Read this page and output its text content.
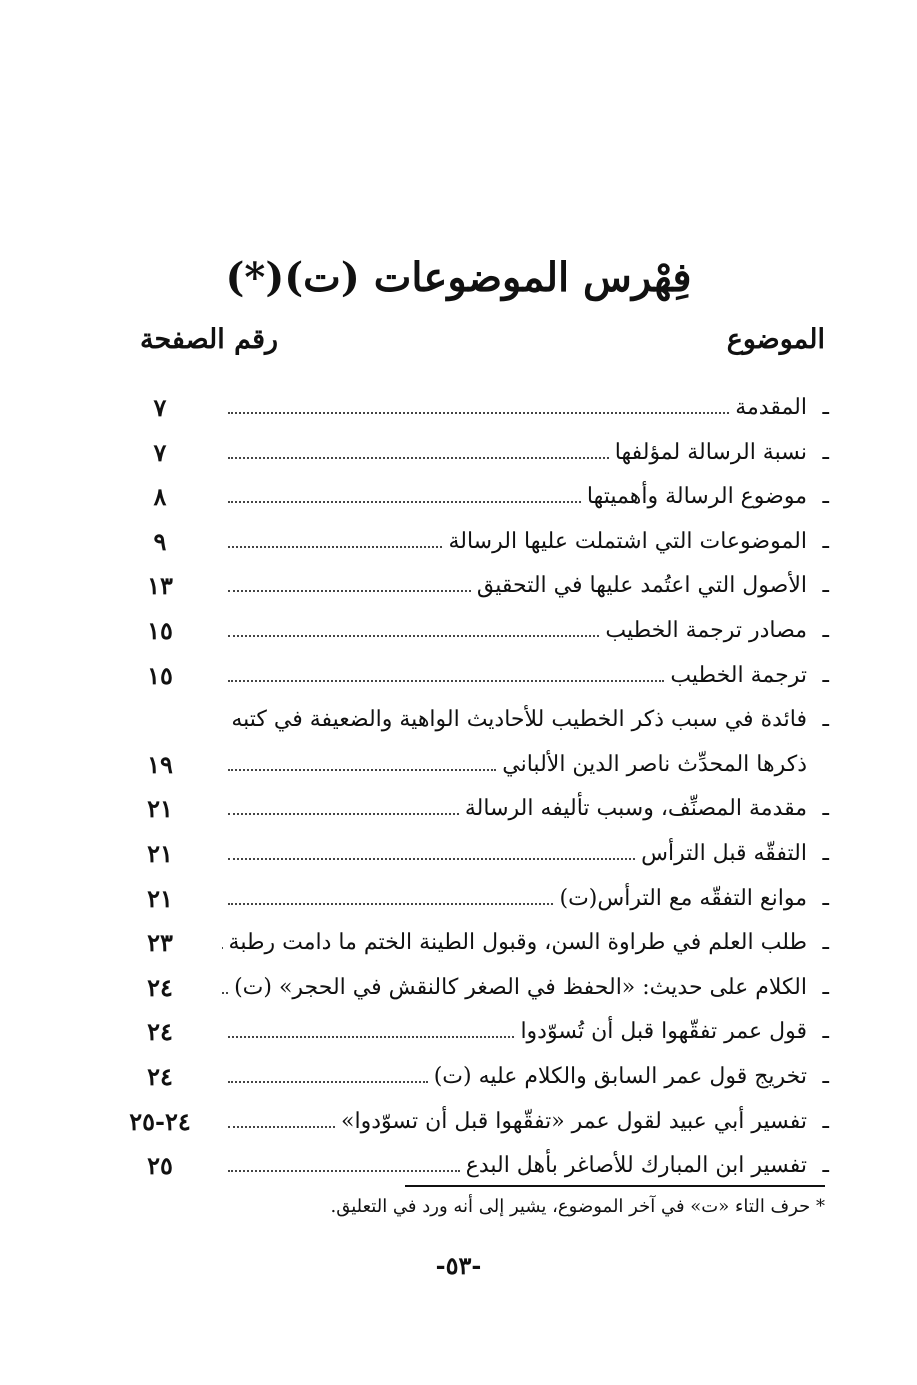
فِهْرس الموضوعات (ت)(*)
الموضوع
رقم الصفحة
ـ
المقدمة
٧
ـ
نسبة الرسالة لمؤلفها
٧
ـ
موضوع الرسالة وأهميتها
٨
ـ
الموضوعات التي اشتملت عليها الرسالة
٩
ـ
الأصول التي اعتُمد عليها في التحقيق
١٣
ـ
مصادر ترجمة الخطيب
١٥
ـ
ترجمة الخطيب
١٥
ـ
فائدة في سبب ذكر الخطيب للأحاديث الواهية والضعيفة في كتبه
ذكرها المحدِّث ناصر الدين الألباني
١٩
ـ
مقدمة المصنِّف، وسبب تأليفه الرسالة
٢١
ـ
التفقّه قبل الترأس
٢١
ـ
موانع التفقّه مع الترأس(ت)
٢١
ـ
طلب العلم في طراوة السن، وقبول الطينة الختم ما دامت رطبة
٢٣
ـ
الكلام على حديث: «الحفظ في الصغر كالنقش في الحجر» (ت)
٢٤
ـ
قول عمر تفقّهوا قبل أن تُسوّدوا
٢٤
ـ
تخريج قول عمر السابق والكلام عليه (ت)
٢٤
ـ
تفسير أبي عبيد لقول عمر «تفقّهوا قبل أن تسوّدوا»
٢٤-٢٥
ـ
تفسير ابن المبارك للأصاغر بأهل البدع
٢٥
* حرف التاء «ت» في آخر الموضوع، يشير إلى أنه ورد في التعليق.
-٥٣-
